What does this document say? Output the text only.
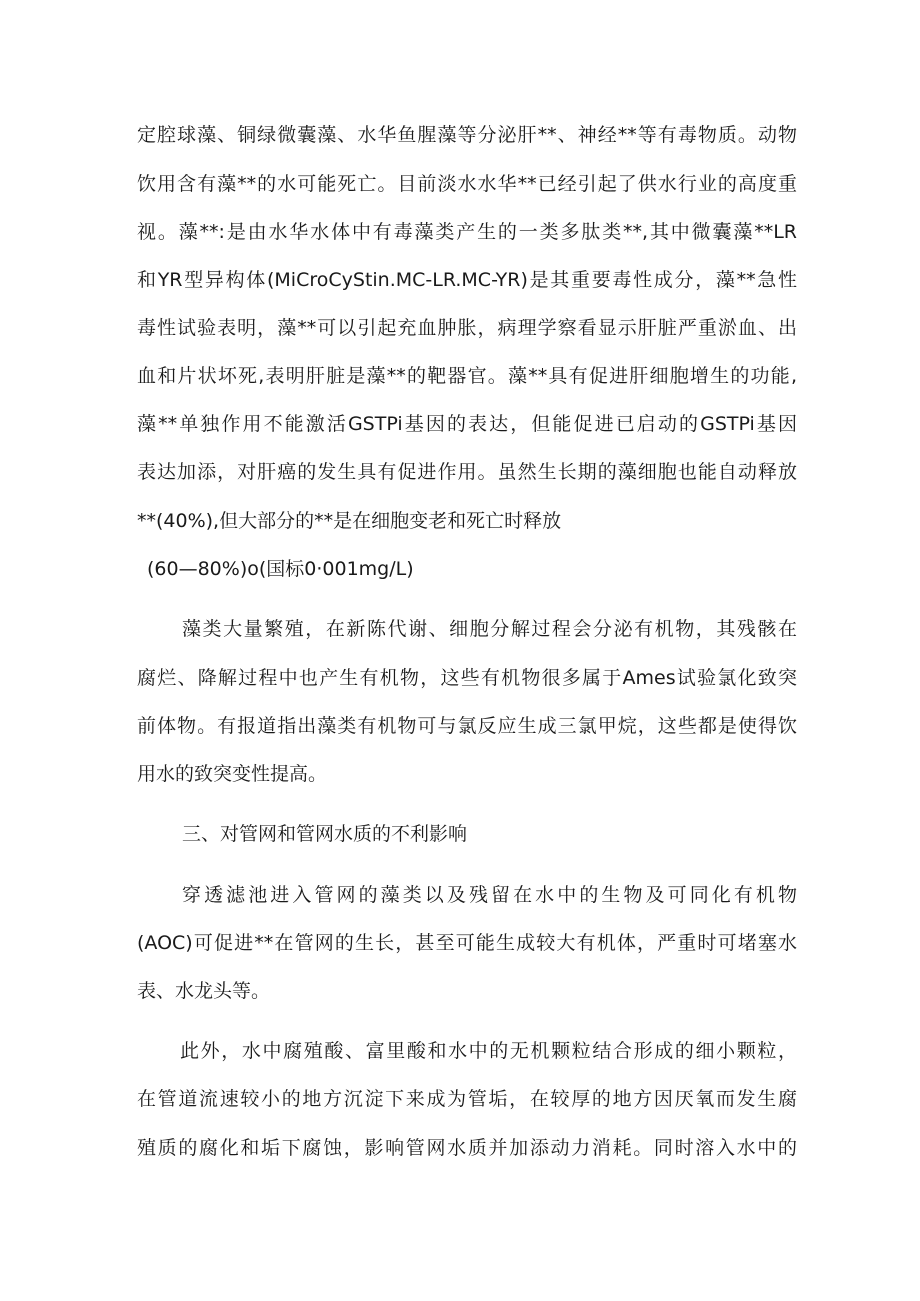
定腔球藻、铜绿微囊藻、水华鱼腥藻等分泌肝**、神经**等有毒物质。动物
饮用含有藻**的水可能死亡。目前淡水水华**已经引起了供水行业的高度重
视。藻**:是由水华水体中有毒藻类产生的一类多肽类**,其中微囊藻**LR
和YR型异构体(MiCroCyStin.MC-LR.MC-YR)是其重要毒性成分，藻**急性
毒性试验表明，藻**可以引起充血肿胀，病理学察看显示肝脏严重淤血、出
血和片状坏死,表明肝脏是藻**的靶器官。藻**具有促进肝细胞增生的功能,
藻**单独作用不能激活GSTPi基因的表达，但能促进已启动的GSTPi基因
表达加添，对肝癌的发生具有促进作用。虽然生长期的藻细胞也能自动释放
**(40%),但大部分的**是在细胞变老和死亡时释放
(60—80%)o(国标0·001mg∕L)
藻类大量繁殖，在新陈代谢、细胞分解过程会分泌有机物，其残骸在
腐烂、降解过程中也产生有机物，这些有机物很多属于Ames试验氯化致突
前体物。有报道指出藻类有机物可与氯反应生成三氯甲烷，这些都是使得饮
用水的致突变性提高。
三、对管网和管网水质的不利影响
穿透滤池进入管网的藻类以及残留在水中的生物及可同化有机物
(AOC)可促进**在管网的生长，甚至可能生成较大有机体，严重时可堵塞水
表、水龙头等。
此外，水中腐殖酸、富里酸和水中的无机颗粒结合形成的细小颗粒，
在管道流速较小的地方沉淀下来成为管垢，在较厚的地方因厌氧而发生腐
殖质的腐化和垢下腐蚀，影响管网水质并加添动力消耗。同时溶入水中的
